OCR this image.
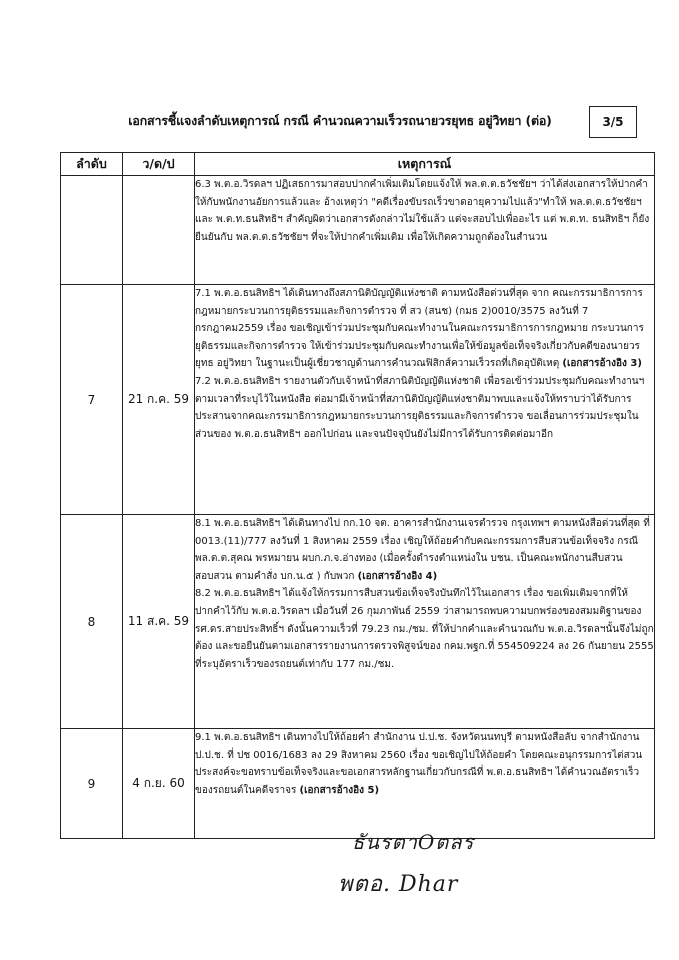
เอกสารชี้แจงลำดับเหตุการณ์ กรณี คำนวณความเร็วรถนายวรยุทธ อยู่วิทยา (ต่อ)	3/5
ลำดับ	ว/ด/ป	เหตุการณ์

		6.3 พ.ต.อ.วิรดลฯ ปฏิเสธการมาสอบปากคำเพิ่มเติมโดยแจ้งให้ พล.ต.ต.ธวัชชัยฯ ว่าได้ส่งเอกสารให้ปากคำให้กับพนักงานอัยการแล้วและ อ้างเหตุว่า "คดีเรื่องขับรถเร็วขาดอายุความไปแล้ว"ทำให้ พล.ต.ต.ธวัชชัยฯและ พ.ต.ท.ธนสิทธิฯ สำคัญผิดว่าเอกสารดังกล่าวไม่ใช้แล้ว แต่จะสอบไปเพื่ออะไร แต่ พ.ต.ท. ธนสิทธิฯ ก็ยังยืนยันกับ พล.ต.ต.ธวัชชัยฯ ที่จะให้ปากคำเพิ่มเติม เพื่อให้เกิดความถูกต้องในสำนวน

7	21 ก.ค. 59	7.1 พ.ต.อ.ธนสิทธิฯ ได้เดินทางถึงสภานิติบัญญัติแห่งชาติ ตามหนังสือด่วนที่สุด จาก คณะกรรมาธิการการกฎหมายกระบวนการยุติธรรมและกิจการตำรวจ ที่ สว (สนช) (กมธ 2)0010/3575 ลงวันที่ 7 กรกฎาคม2559 เรื่อง ขอเชิญเข้าร่วมประชุมกับคณะทำงานในคณะกรรมาธิการการกฎหมาย กระบวนการยุติธรรมและกิจการตำรวจ ให้เข้าร่วมประชุมกับคณะทำงานเพื่อให้ข้อมูลข้อเท็จจริงเกี่ยวกับคดีของนายวรยุทธ อยู่วิทยา ในฐานะเป็นผู้เชี่ยวชาญด้านการคำนวณฟิสิกส์ความเร็วรถที่เกิดอุบัติเหตุ (เอกสารอ้างอิง 3)
7.2 พ.ต.อ.ธนสิทธิฯ รายงานตัวกับเจ้าหน้าที่สภานิติบัญญัติแห่งชาติ เพื่อรอเข้าร่วมประชุมกับคณะทำงานฯ ตามเวลาที่ระบุไว้ในหนังสือ ต่อมามีเจ้าหน้าที่สภานิติบัญญัติแห่งชาติมาพบและแจ้งให้ทราบว่าได้รับการประสานจากคณะกรรมาธิการกฎหมายกระบวนการยุติธรรมและกิจการตำรวจ ขอเลื่อนการร่วมประชุมในส่วนของ พ.ต.อ.ธนสิทธิฯ ออกไปก่อน และจนปัจจุบันยังไม่มีการได้รับการติดต่อมาอีก

8	11 ส.ค. 59	8.1 พ.ต.อ.ธนสิทธิฯ ได้เดินทางไป กก.10 จต. อาคารสำนักงานเจรตำรวจ กรุงเทพฯ ตามหนังสือด่วนที่สุด ที่ 0013.(11)/777 ลงวันที่ 1 สิงหาคม 2559 เรื่อง เชิญให้ถ้อยคำกับคณะกรรมการสืบสวนข้อเท็จจริง กรณี พล.ต.ต.สุคณ พรหมายน ผบก.ภ.จ.อ่างทอง (เมื่อครั้งดำรงตำแหน่งใน บชน. เป็นคณะพนักงานสืบสวนสอบสวน ตามคำสั่ง บก.น.๕ ) กับพวก (เอกสารอ้างอิง 4)
8.2 พ.ต.อ.ธนสิทธิฯ ได้แจ้งให้กรรมการสืบสวนข้อเท็จจริงบันทึกไว้ในเอกสาร เรื่อง ขอเพิ่มเติมจากที่ให้ปากคำไว้กับ พ.ต.อ.วิรดลฯ เมื่อวันที่ 26 กุมภาพันธ์ 2559 ว่าสามารถพบความบกพร่องของสมมติฐานของ รศ.ดร.สายประสิทธิ์ฯ ดังนั้นความเร็วที่ 79.23 กม./ชม. ที่ให้ปากคำและคำนวณกับ พ.ต.อ.วิรดลฯนั้นจึงไม่ถูกต้อง และขอยืนยันตามเอกสารรายงานการตรวจพิสูจน์ของ กคม.พฐก.ที่ 554509224 ลง 26 กันยายน 2555 ที่ระบุอัตราเร็วของรถยนต์เท่ากับ 177 กม./ชม.

9	4 ก.ย. 60	9.1 พ.ต.อ.ธนสิทธิฯ เดินทางไปให้ถ้อยคำ สำนักงาน ป.ป.ช. จังหวัดนนทบุรี ตามหนังสือลับ จากสำนักงาน ป.ป.ช. ที่ ปช 0016/1683 ลง 29 สิงหาคม 2560 เรื่อง ขอเชิญไปให้ถ้อยคำ โดยคณะอนุกรรมการไต่สวนประสงค์จะขอทราบข้อเท็จจริงและขอเอกสารหลักฐานเกี่ยวกับกรณีที่ พ.ต.อ.ธนสิทธิฯ ได้คำนวณอัตราเร็วของรถยนต์ในคดีจราจร (เอกสารอ้างอิง 5)
ธันรตาOตลร
พตอ. Dhar
